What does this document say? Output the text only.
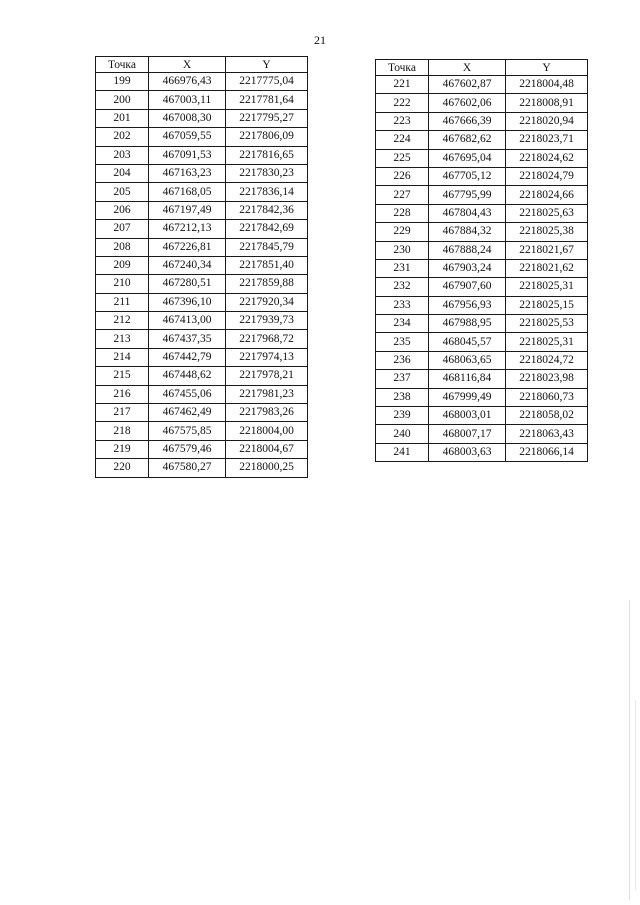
21
Точка	X	Y
199	466976,43	2217775,04
200	467003,11	2217781,64
201	467008,30	2217795,27
202	467059,55	2217806,09
203	467091,53	2217816,65
204	467163,23	2217830,23
205	467168,05	2217836,14
206	467197,49	2217842,36
207	467212,13	2217842,69
208	467226,81	2217845,79
209	467240,34	2217851,40
210	467280,51	2217859,88
211	467396,10	2217920,34
212	467413,00	2217939,73
213	467437,35	2217968,72
214	467442,79	2217974,13
215	467448,62	2217978,21
216	467455,06	2217981,23
217	467462,49	2217983,26
218	467575,85	2218004,00
219	467579,46	2218004,67
220	467580,27	2218000,25
Точка	X	Y
221	467602,87	2218004,48
222	467602,06	2218008,91
223	467666,39	2218020,94
224	467682,62	2218023,71
225	467695,04	2218024,62
226	467705,12	2218024,79
227	467795,99	2218024,66
228	467804,43	2218025,63
229	467884,32	2218025,38
230	467888,24	2218021,67
231	467903,24	2218021,62
232	467907,60	2218025,31
233	467956,93	2218025,15
234	467988,95	2218025,53
235	468045,57	2218025,31
236	468063,65	2218024,72
237	468116,84	2218023,98
238	467999,49	2218060,73
239	468003,01	2218058,02
240	468007,17	2218063,43
241	468003,63	2218066,14
